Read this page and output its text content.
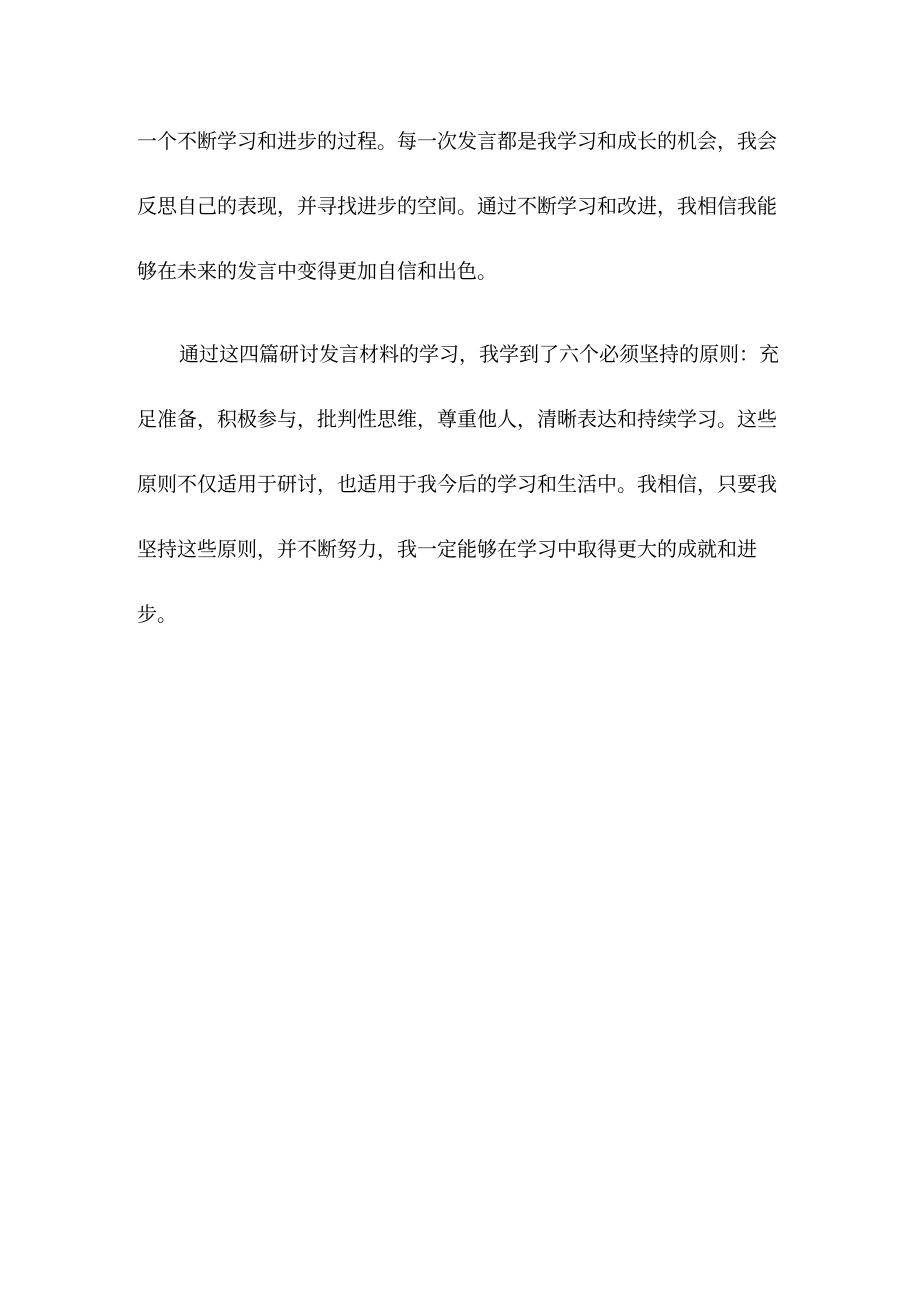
一个不断学习和进步的过程。每一次发言都是我学习和成长的机会，我会
反思自己的表现，并寻找进步的空间。通过不断学习和改进，我相信我能
够在未来的发言中变得更加自信和出色。
通过这四篇研讨发言材料的学习，我学到了六个必须坚持的原则：充
足准备，积极参与，批判性思维，尊重他人，清晰表达和持续学习。这些
原则不仅适用于研讨，也适用于我今后的学习和生活中。我相信，只要我
坚持这些原则，并不断努力，我一定能够在学习中取得更大的成就和进
步。
